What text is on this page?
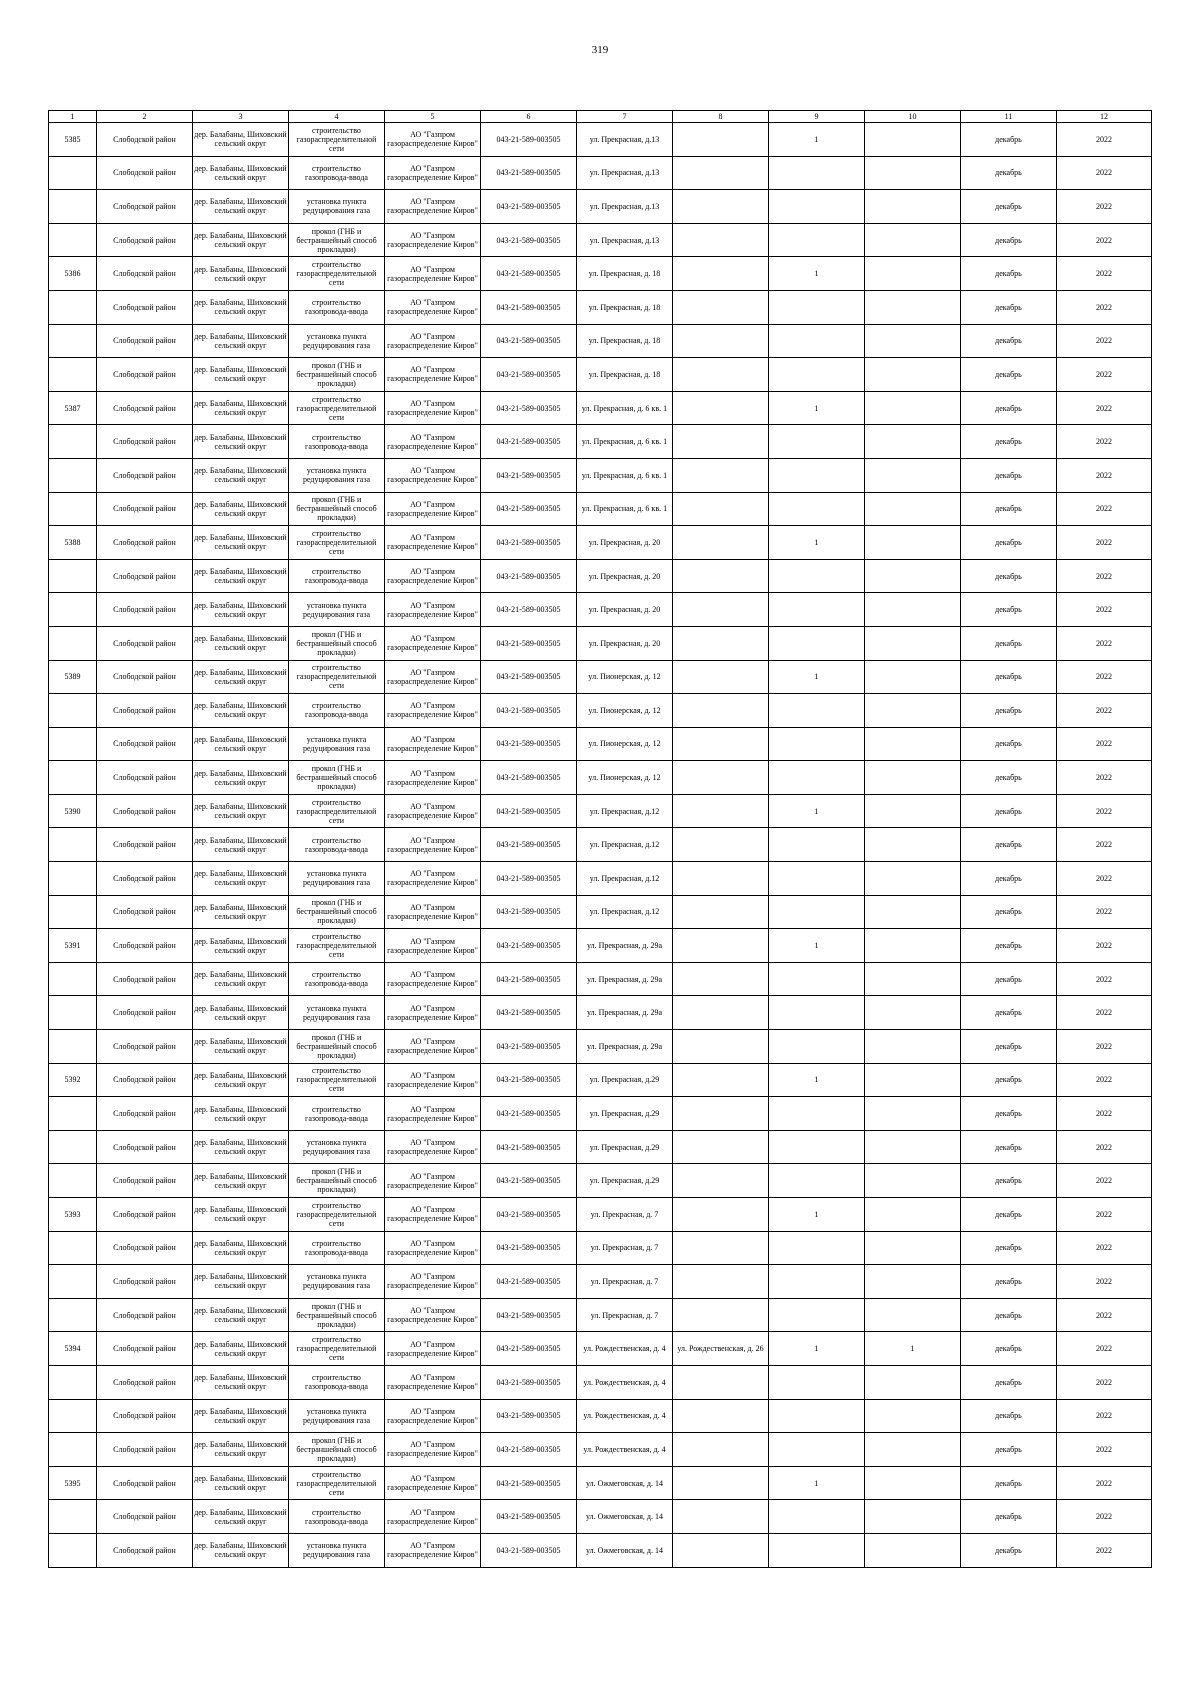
319
1	2	3	4	5	6	7	8	9	10	11	12

5385	Слободской район	дер. Балабаны, Шиховский сельский округ	строительство газораспределительной сети	АО "Газпром газораспределение Киров"	043-21-589-003505	ул. Прекрасная, д.13		1		декабрь	2022

	Слободской район	дер. Балабаны, Шиховский сельский округ	строительство газопровода-ввода	АО "Газпром газораспределение Киров"	043-21-589-003505	ул. Прекрасная, д.13				декабрь	2022

	Слободской район	дер. Балабаны, Шиховский сельский округ	установка пункта редуцирования газа	АО "Газпром газораспределение Киров"	043-21-589-003505	ул. Прекрасная, д.13				декабрь	2022

	Слободской район	дер. Балабаны, Шиховский сельский округ	прокол (ГНБ и бестраншейный способ прокладки)	АО "Газпром газораспределение Киров"	043-21-589-003505	ул. Прекрасная, д.13				декабрь	2022

5386	Слободской район	дер. Балабаны, Шиховский сельский округ	строительство газораспределительной сети	АО "Газпром газораспределение Киров"	043-21-589-003505	ул. Прекрасная, д. 18		1		декабрь	2022

	Слободской район	дер. Балабаны, Шиховский сельский округ	строительство газопровода-ввода	АО "Газпром газораспределение Киров"	043-21-589-003505	ул. Прекрасная, д. 18				декабрь	2022

	Слободской район	дер. Балабаны, Шиховский сельский округ	установка пункта редуцирования газа	АО "Газпром газораспределение Киров"	043-21-589-003505	ул. Прекрасная, д. 18				декабрь	2022

	Слободской район	дер. Балабаны, Шиховский сельский округ	прокол (ГНБ и бестраншейный способ прокладки)	АО "Газпром газораспределение Киров"	043-21-589-003505	ул. Прекрасная, д. 18				декабрь	2022

5387	Слободской район	дер. Балабаны, Шиховский сельский округ	строительство газораспределительной сети	АО "Газпром газораспределение Киров"	043-21-589-003505	ул. Прекрасная, д. 6 кв. 1		1		декабрь	2022

	Слободской район	дер. Балабаны, Шиховский сельский округ	строительство газопровода-ввода	АО "Газпром газораспределение Киров"	043-21-589-003505	ул. Прекрасная, д. 6 кв. 1				декабрь	2022

	Слободской район	дер. Балабаны, Шиховский сельский округ	установка пункта редуцирования газа	АО "Газпром газораспределение Киров"	043-21-589-003505	ул. Прекрасная, д. 6 кв. 1				декабрь	2022

	Слободской район	дер. Балабаны, Шиховский сельский округ	прокол (ГНБ и бестраншейный способ прокладки)	АО "Газпром газораспределение Киров"	043-21-589-003505	ул. Прекрасная, д. 6 кв. 1				декабрь	2022

5388	Слободской район	дер. Балабаны, Шиховский сельский округ	строительство газораспределительной сети	АО "Газпром газораспределение Киров"	043-21-589-003505	ул. Прекрасная, д. 20		1		декабрь	2022

	Слободской район	дер. Балабаны, Шиховский сельский округ	строительство газопровода-ввода	АО "Газпром газораспределение Киров"	043-21-589-003505	ул. Прекрасная, д. 20				декабрь	2022

	Слободской район	дер. Балабаны, Шиховский сельский округ	установка пункта редуцирования газа	АО "Газпром газораспределение Киров"	043-21-589-003505	ул. Прекрасная, д. 20				декабрь	2022

	Слободской район	дер. Балабаны, Шиховский сельский округ	прокол (ГНБ и бестраншейный способ прокладки)	АО "Газпром газораспределение Киров"	043-21-589-003505	ул. Прекрасная, д. 20				декабрь	2022

5389	Слободской район	дер. Балабаны, Шиховский сельский округ	строительство газораспределительной сети	АО "Газпром газораспределение Киров"	043-21-589-003505	ул. Пионерская, д. 12		1		декабрь	2022

	Слободской район	дер. Балабаны, Шиховский сельский округ	строительство газопровода-ввода	АО "Газпром газораспределение Киров"	043-21-589-003505	ул. Пионерская, д. 12				декабрь	2022

	Слободской район	дер. Балабаны, Шиховский сельский округ	установка пункта редуцирования газа	АО "Газпром газораспределение Киров"	043-21-589-003505	ул. Пионерская, д. 12				декабрь	2022

	Слободской район	дер. Балабаны, Шиховский сельский округ	прокол (ГНБ и бестраншейный способ прокладки)	АО "Газпром газораспределение Киров"	043-21-589-003505	ул. Пионерская, д. 12				декабрь	2022

5390	Слободской район	дер. Балабаны, Шиховский сельский округ	строительство газораспределительной сети	АО "Газпром газораспределение Киров"	043-21-589-003505	ул. Прекрасная, д.12		1		декабрь	2022

	Слободской район	дер. Балабаны, Шиховский сельский округ	строительство газопровода-ввода	АО "Газпром газораспределение Киров"	043-21-589-003505	ул. Прекрасная, д.12				декабрь	2022

	Слободской район	дер. Балабаны, Шиховский сельский округ	установка пункта редуцирования газа	АО "Газпром газораспределение Киров"	043-21-589-003505	ул. Прекрасная, д.12				декабрь	2022

	Слободской район	дер. Балабаны, Шиховский сельский округ	прокол (ГНБ и бестраншейный способ прокладки)	АО "Газпром газораспределение Киров"	043-21-589-003505	ул. Прекрасная, д.12				декабрь	2022

5391	Слободской район	дер. Балабаны, Шиховский сельский округ	строительство газораспределительной сети	АО "Газпром газораспределение Киров"	043-21-589-003505	ул. Прекрасная, д. 29а		1		декабрь	2022

	Слободской район	дер. Балабаны, Шиховский сельский округ	строительство газопровода-ввода	АО "Газпром газораспределение Киров"	043-21-589-003505	ул. Прекрасная, д. 29а				декабрь	2022

	Слободской район	дер. Балабаны, Шиховский сельский округ	установка пункта редуцирования газа	АО "Газпром газораспределение Киров"	043-21-589-003505	ул. Прекрасная, д. 29а				декабрь	2022

	Слободской район	дер. Балабаны, Шиховский сельский округ	прокол (ГНБ и бестраншейный способ прокладки)	АО "Газпром газораспределение Киров"	043-21-589-003505	ул. Прекрасная, д. 29а				декабрь	2022

5392	Слободской район	дер. Балабаны, Шиховский сельский округ	строительство газораспределительной сети	АО "Газпром газораспределение Киров"	043-21-589-003505	ул. Прекрасная, д.29		1		декабрь	2022

	Слободской район	дер. Балабаны, Шиховский сельский округ	строительство газопровода-ввода	АО "Газпром газораспределение Киров"	043-21-589-003505	ул. Прекрасная, д.29				декабрь	2022

	Слободской район	дер. Балабаны, Шиховский сельский округ	установка пункта редуцирования газа	АО "Газпром газораспределение Киров"	043-21-589-003505	ул. Прекрасная, д.29				декабрь	2022

	Слободской район	дер. Балабаны, Шиховский сельский округ	прокол (ГНБ и бестраншейный способ прокладки)	АО "Газпром газораспределение Киров"	043-21-589-003505	ул. Прекрасная, д.29				декабрь	2022

5393	Слободской район	дер. Балабаны, Шиховский сельский округ	строительство газораспределительной сети	АО "Газпром газораспределение Киров"	043-21-589-003505	ул. Прекрасная, д. 7		1		декабрь	2022

	Слободской район	дер. Балабаны, Шиховский сельский округ	строительство газопровода-ввода	АО "Газпром газораспределение Киров"	043-21-589-003505	ул. Прекрасная, д. 7				декабрь	2022

	Слободской район	дер. Балабаны, Шиховский сельский округ	установка пункта редуцирования газа	АО "Газпром газораспределение Киров"	043-21-589-003505	ул. Прекрасная, д. 7				декабрь	2022

	Слободской район	дер. Балабаны, Шиховский сельский округ	прокол (ГНБ и бестраншейный способ прокладки)	АО "Газпром газораспределение Киров"	043-21-589-003505	ул. Прекрасная, д. 7				декабрь	2022

5394	Слободской район	дер. Балабаны, Шиховский сельский округ	строительство газораспределительной сети	АО "Газпром газораспределение Киров"	043-21-589-003505	ул. Рождественская, д. 4	ул. Рождественская, д. 26	1	1	декабрь	2022

	Слободской район	дер. Балабаны, Шиховский сельский округ	строительство газопровода-ввода	АО "Газпром газораспределение Киров"	043-21-589-003505	ул. Рождественская, д. 4				декабрь	2022

	Слободской район	дер. Балабаны, Шиховский сельский округ	установка пункта редуцирования газа	АО "Газпром газораспределение Киров"	043-21-589-003505	ул. Рождественская, д. 4				декабрь	2022

	Слободской район	дер. Балабаны, Шиховский сельский округ	прокол (ГНБ и бестраншейный способ прокладки)	АО "Газпром газораспределение Киров"	043-21-589-003505	ул. Рождественская, д. 4				декабрь	2022

5395	Слободской район	дер. Балабаны, Шиховский сельский округ	строительство газораспределительной сети	АО "Газпром газораспределение Киров"	043-21-589-003505	ул. Ожмеговская, д. 14		1		декабрь	2022

	Слободской район	дер. Балабаны, Шиховский сельский округ	строительство газопровода-ввода	АО "Газпром газораспределение Киров"	043-21-589-003505	ул. Ожмеговская, д. 14				декабрь	2022

	Слободской район	дер. Балабаны, Шиховский сельский округ	установка пункта редуцирования газа	АО "Газпром газораспределение Киров"	043-21-589-003505	ул. Ожмеговская, д. 14				декабрь	2022
